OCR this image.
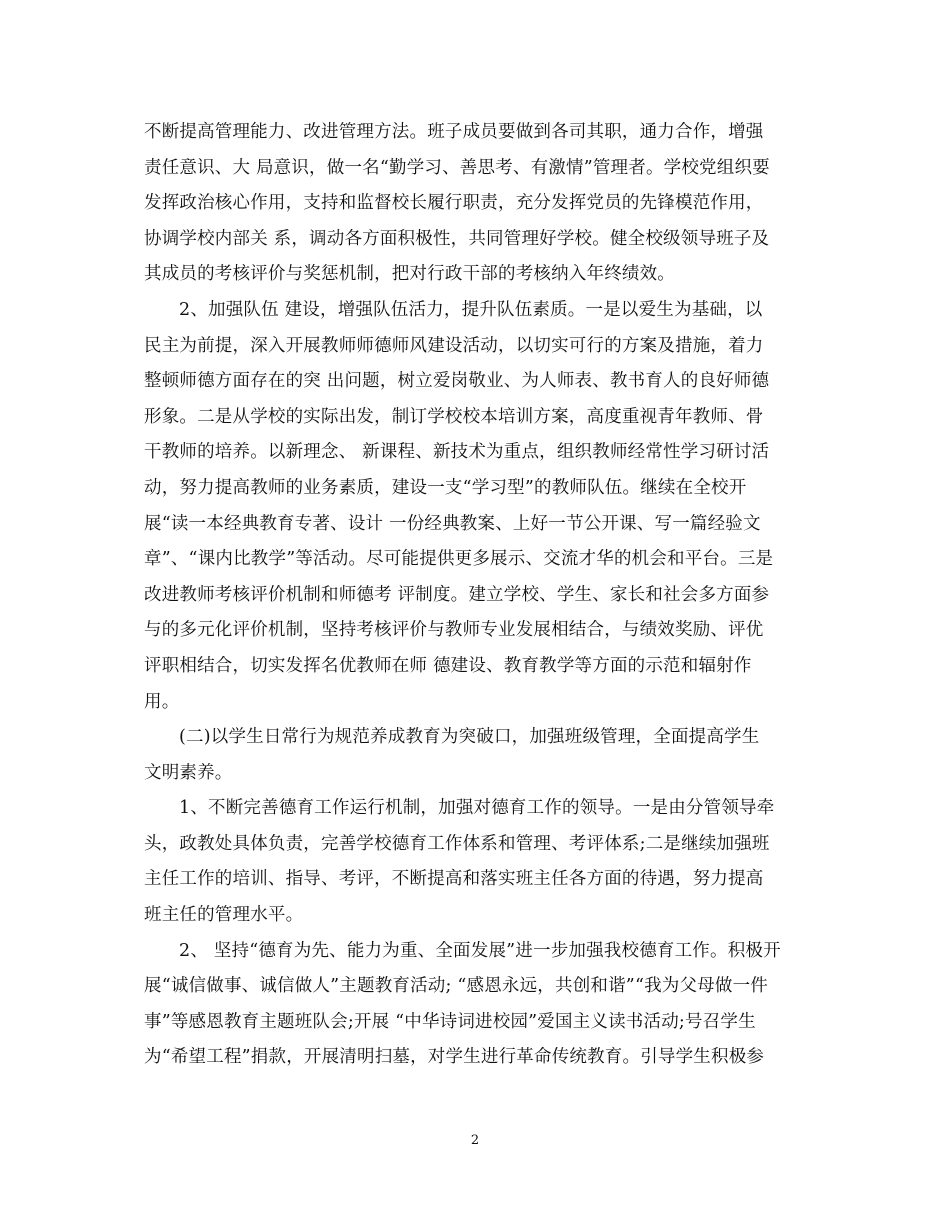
不断提高管理能力、改进管理方法。班子成员要做到各司其职，通力合作，增强
责任意识、大 局意识，做一名“勤学习、善思考、有激情”管理者。学校党组织要
发挥政治核心作用，支持和监督校长履行职责，充分发挥党员的先锋模范作用，
协调学校内部关 系，调动各方面积极性，共同管理好学校。健全校级领导班子及
其成员的考核评价与奖惩机制，把对行政干部的考核纳入年终绩效。
2、加强队伍 建设，增强队伍活力，提升队伍素质。一是以爱生为基础，以
民主为前提，深入开展教师师德师风建设活动，以切实可行的方案及措施，着力
整顿师德方面存在的突 出问题，树立爱岗敬业、为人师表、教书育人的良好师德
形象。二是从学校的实际出发，制订学校校本培训方案，高度重视青年教师、骨
干教师的培养。以新理念、 新课程、新技术为重点，组织教师经常性学习研讨活
动，努力提高教师的业务素质，建设一支“学习型”的教师队伍。继续在全校开
展“读一本经典教育专著、设计 一份经典教案、上好一节公开课、写一篇经验文
章”、“课内比教学”等活动。尽可能提供更多展示、交流才华的机会和平台。三是
改进教师考核评价机制和师德考 评制度。建立学校、学生、家长和社会多方面参
与的多元化评价机制，坚持考核评价与教师专业发展相结合，与绩效奖励、评优
评职相结合，切实发挥名优教师在师 德建设、教育教学等方面的示范和辐射作
用。
(二)以学生日常行为规范养成教育为突破口，加强班级管理，全面提高学生
文明素养。
1、不断完善德育工作运行机制，加强对德育工作的领导。一是由分管领导牵
头，政教处具体负责，完善学校德育工作体系和管理、考评体系;二是继续加强班
主任工作的培训、指导、考评，不断提高和落实班主任各方面的待遇，努力提高
班主任的管理水平。
2、 坚持“德育为先、能力为重、全面发展”进一步加强我校德育工作。积极开
展“诚信做事、诚信做人”主题教育活动; “感恩永远，共创和谐”“我为父母做一件
事”等感恩教育主题班队会;开展 “中华诗词进校园”爱国主义读书活动;号召学生
为“希望工程”捐款，开展清明扫墓，对学生进行革命传统教育。引导学生积极参
2
